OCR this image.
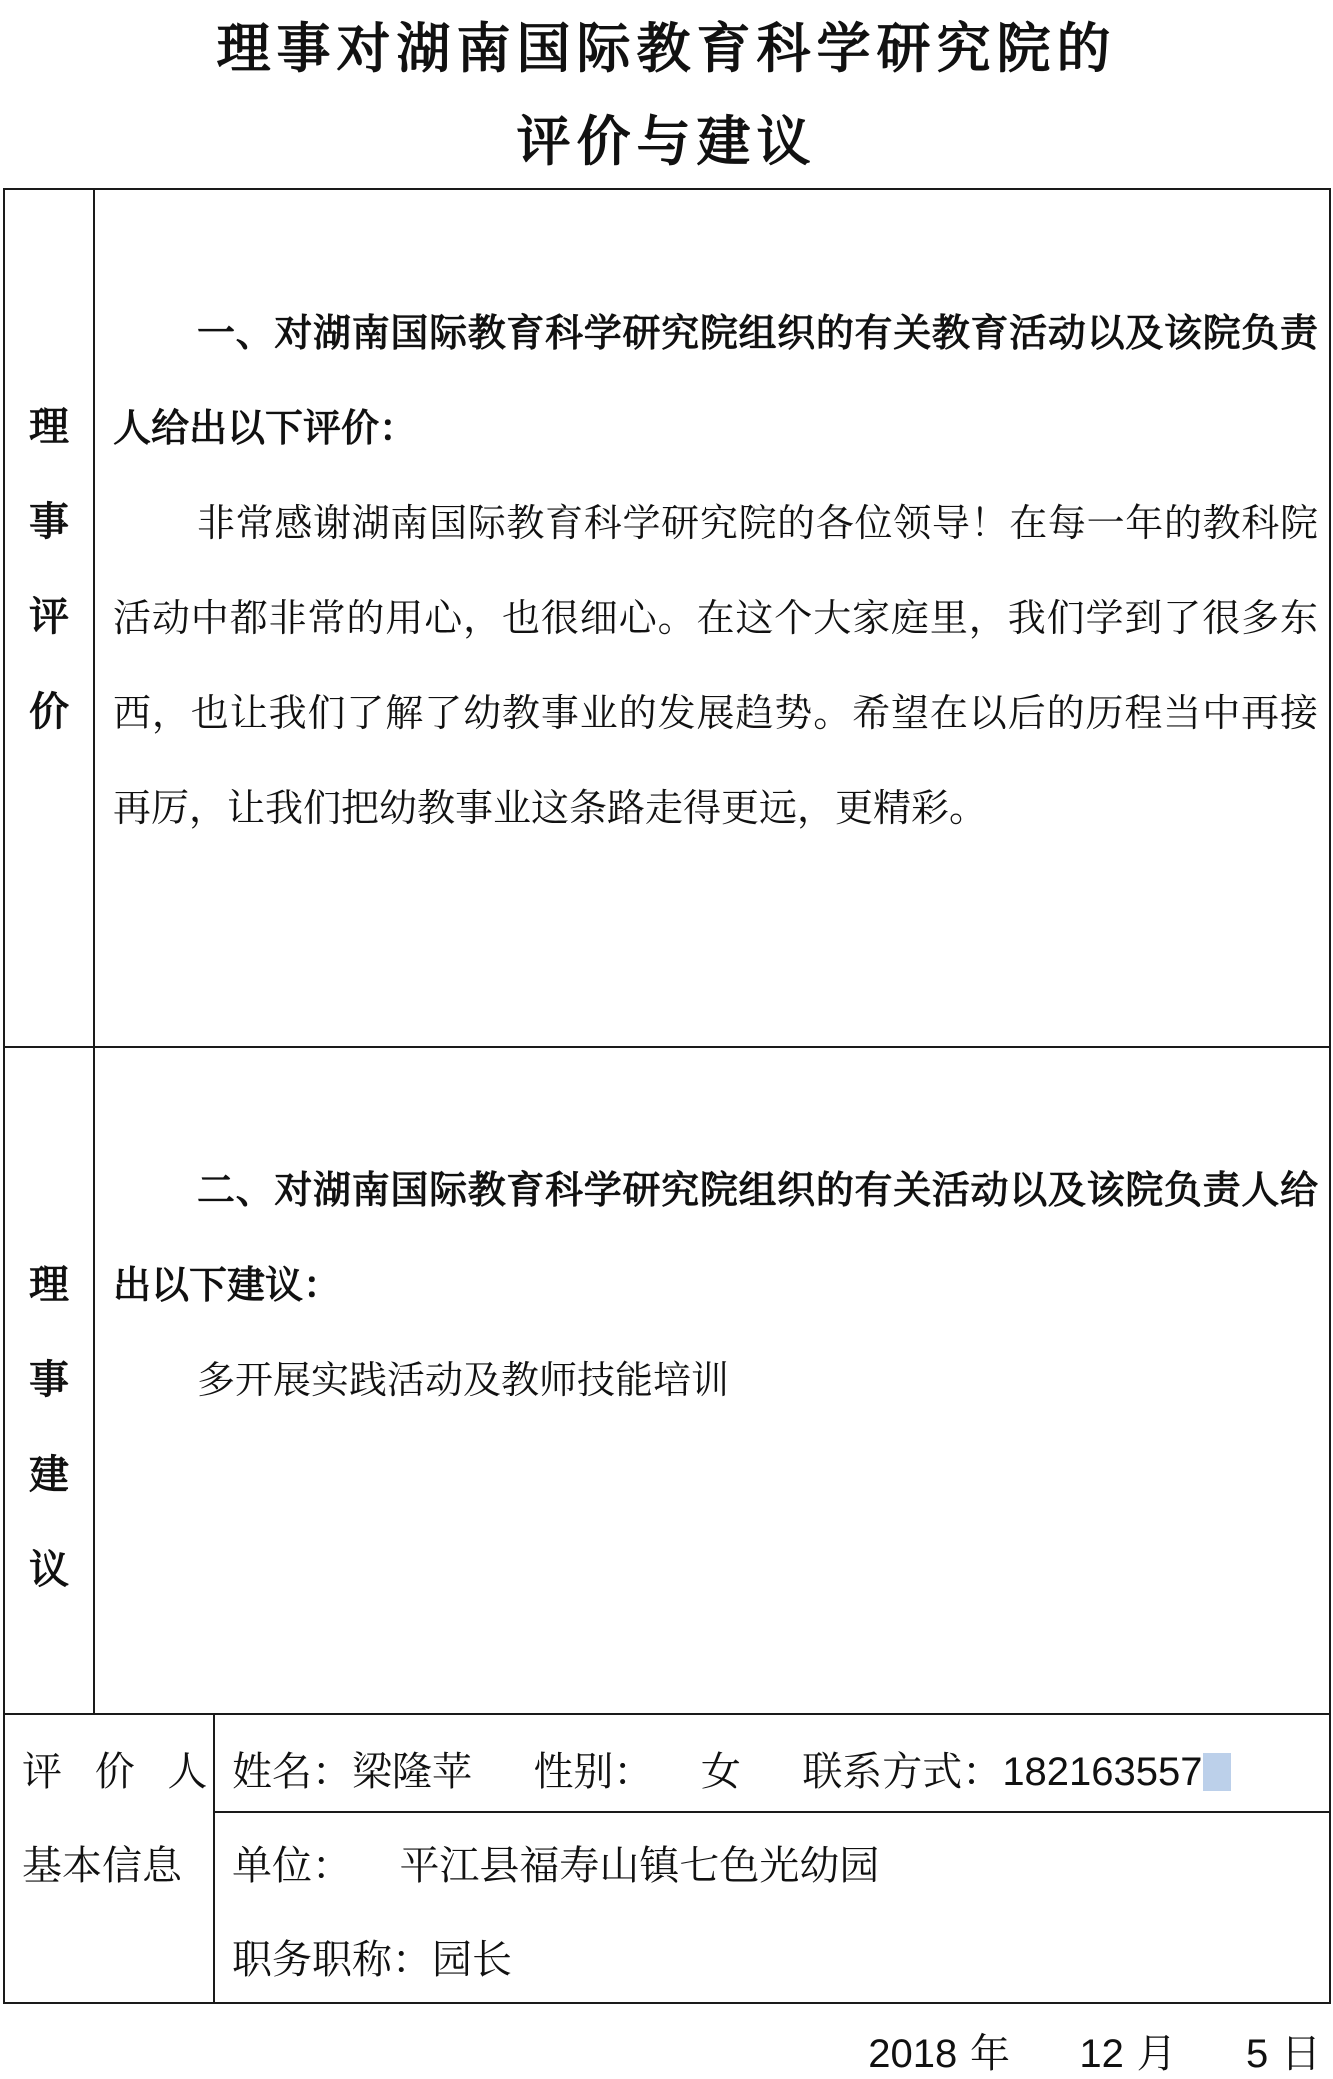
理事对湖南国际教育科学研究院的
评价与建议
理
事
评
价

一、对湖南国际教育科学研究院组织的有关教育活动以及该院负责人给出以下评价：

非常感谢湖南国际教育科学研究院的各位领导！在每一年的教科院活动中都非常的用心，也很细心。在这个大家庭里，我们学到了很多东西，也让我们了解了幼教事业的发展趋势。希望在以后的历程当中再接再厉，让我们把幼教事业这条路走得更远，更精彩。

理
事
建
议

二、对湖南国际教育科学研究院组织的有关活动以及该院负责人给出以下建议：

多开展实践活动及教师技能培训

评 价 人
基本信息
姓名：梁隆苹 性别： 女 联系方式：182163557
单位： 平江县福寿山镇七色光幼园
职务职称：园长
2018 年 12 月 5 日
